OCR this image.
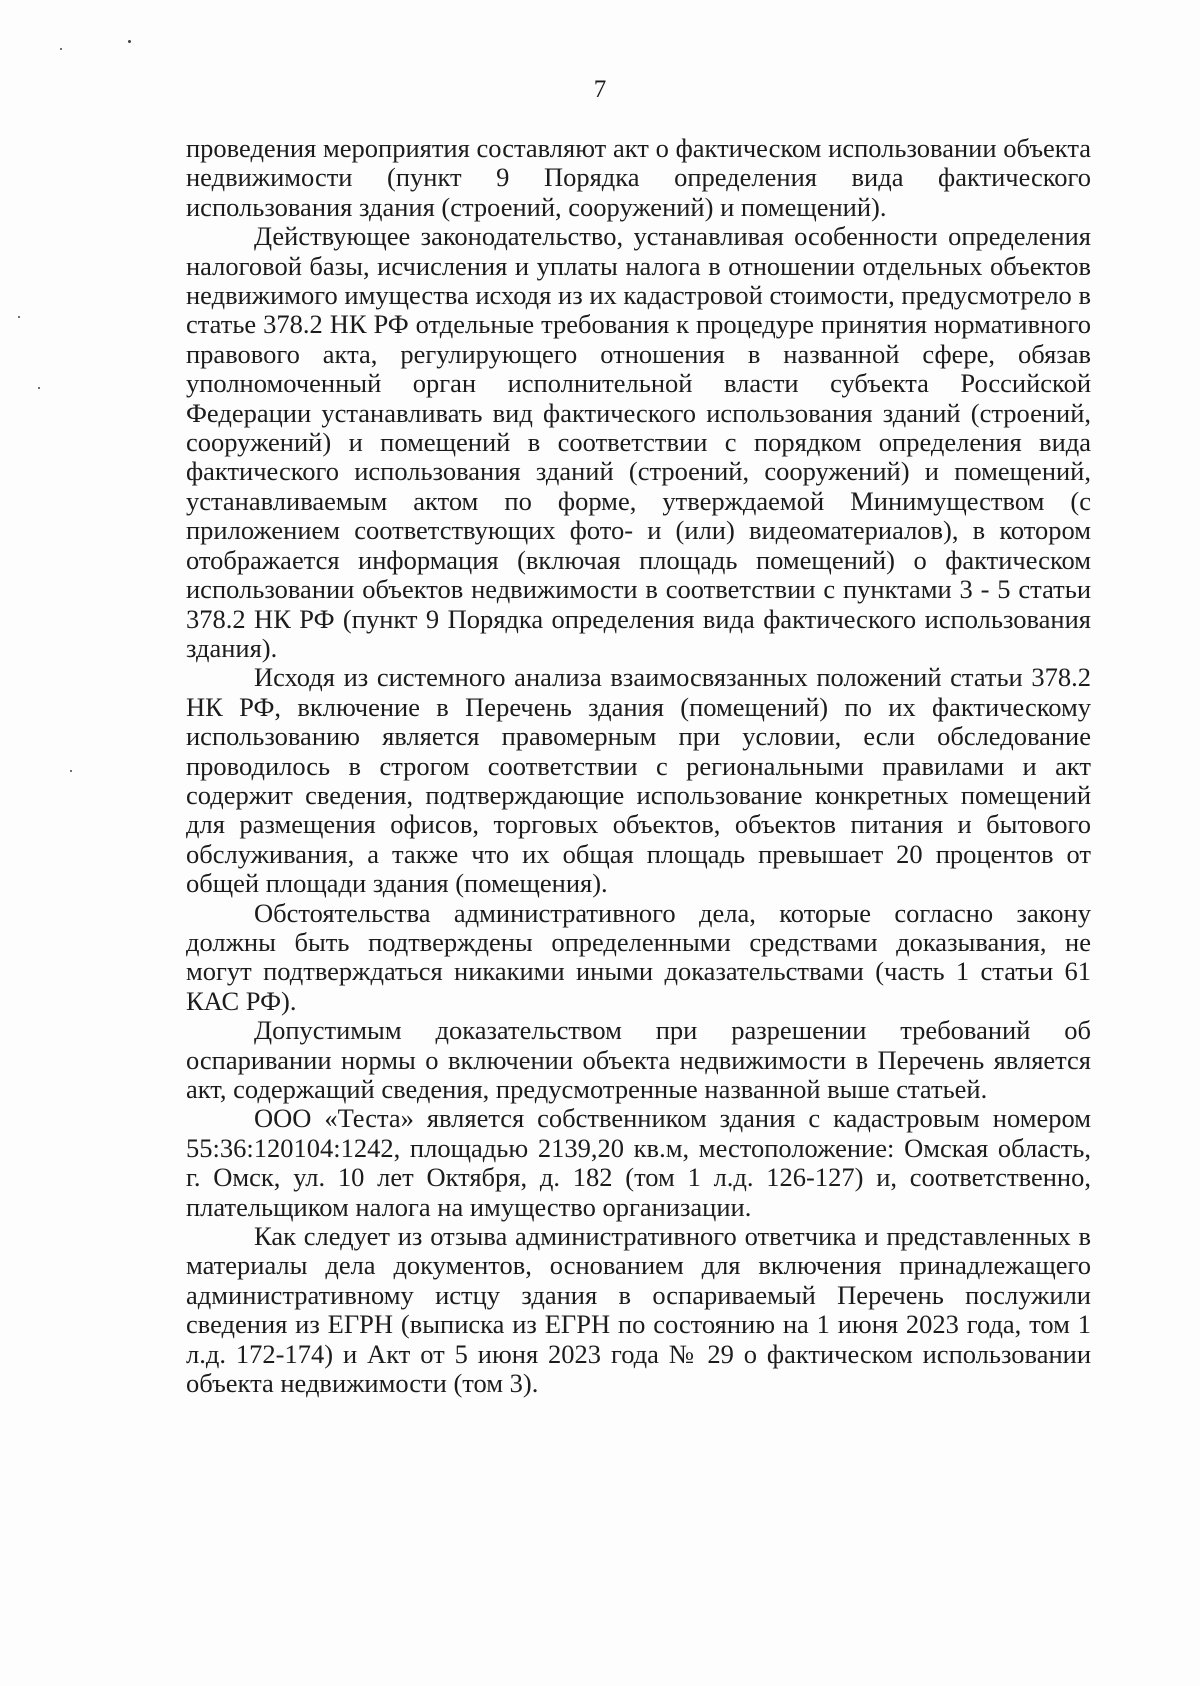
7

проведения мероприятия составляют акт о фактическом использовании объекта недвижимости (пункт 9 Порядка определения вида фактического использования здания (строений, сооружений) и помещений).

Действующее законодательство, устанавливая особенности определения налоговой базы, исчисления и уплаты налога в отношении отдельных объектов недвижимого имущества исходя из их кадастровой стоимости, предусмотрело в статье 378.2 НК РФ отдельные требования к процедуре принятия нормативного правового акта, регулирующего отношения в названной сфере, обязав уполномоченный орган исполнительной власти субъекта Российской Федерации устанавливать вид фактического использования зданий (строений, сооружений) и помещений в соответствии с порядком определения вида фактического использования зданий (строений, сооружений) и помещений, устанавливаемым актом по форме, утверждаемой Минимуществом (с приложением соответствующих фото- и (или) видеоматериалов), в котором отображается информация (включая площадь помещений) о фактическом использовании объектов недвижимости в соответствии с пунктами 3 - 5 статьи 378.2 НК РФ (пункт 9 Порядка определения вида фактического использования здания).

Исходя из системного анализа взаимосвязанных положений статьи 378.2 НК РФ, включение в Перечень здания (помещений) по их фактическому использованию является правомерным при условии, если обследование проводилось в строгом соответствии с региональными правилами и акт содержит сведения, подтверждающие использование конкретных помещений для размещения офисов, торговых объектов, объектов питания и бытового обслуживания, а также что их общая площадь превышает 20 процентов от общей площади здания (помещения).

Обстоятельства административного дела, которые согласно закону должны быть подтверждены определенными средствами доказывания, не могут подтверждаться никакими иными доказательствами (часть 1 статьи 61 КАС РФ).

Допустимым доказательством при разрешении требований об оспаривании нормы о включении объекта недвижимости в Перечень является акт, содержащий сведения, предусмотренные названной выше статьей.

ООО «Теста» является собственником здания с кадастровым номером 55:36:120104:1242, площадью 2139,20 кв.м, местоположение: Омская область, г. Омск, ул. 10 лет Октября, д. 182 (том 1 л.д. 126-127) и, соответственно, плательщиком налога на имущество организации.

Как следует из отзыва административного ответчика и представленных в материалы дела документов, основанием для включения принадлежащего административному истцу здания в оспариваемый Перечень послужили сведения из ЕГРН (выписка из ЕГРН по состоянию на 1 июня 2023 года, том 1 л.д. 172-174) и Акт от 5 июня 2023 года № 29 о фактическом использовании объекта недвижимости (том 3).
